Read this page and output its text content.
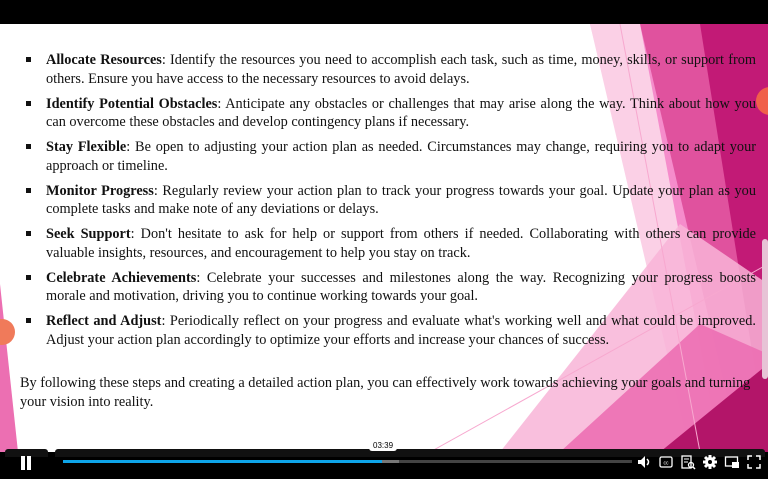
Allocate Resources: Identify the resources you need to accomplish each task, such as time, money, skills, or support from others. Ensure you have access to the necessary resources to avoid delays.
Identify Potential Obstacles: Anticipate any obstacles or challenges that may arise along the way. Think about how you can overcome these obstacles and develop contingency plans if necessary.
Stay Flexible: Be open to adjusting your action plan as needed. Circumstances may change, requiring you to adapt your approach or timeline.
Monitor Progress: Regularly review your action plan to track your progress towards your goal. Update your plan as you complete tasks and make note of any deviations or delays.
Seek Support: Don't hesitate to ask for help or support from others if needed. Collaborating with others can provide valuable insights, resources, and encouragement to help you stay on track.
Celebrate Achievements: Celebrate your successes and milestones along the way. Recognizing your progress boosts morale and motivation, driving you to continue working towards your goal.
Reflect and Adjust: Periodically reflect on your progress and evaluate what's working well and what could be improved. Adjust your action plan accordingly to optimize your efforts and increase your chances of success.
By following these steps and creating a detailed action plan, you can effectively work towards achieving your goals and turning your vision into reality.
03:39
cc
